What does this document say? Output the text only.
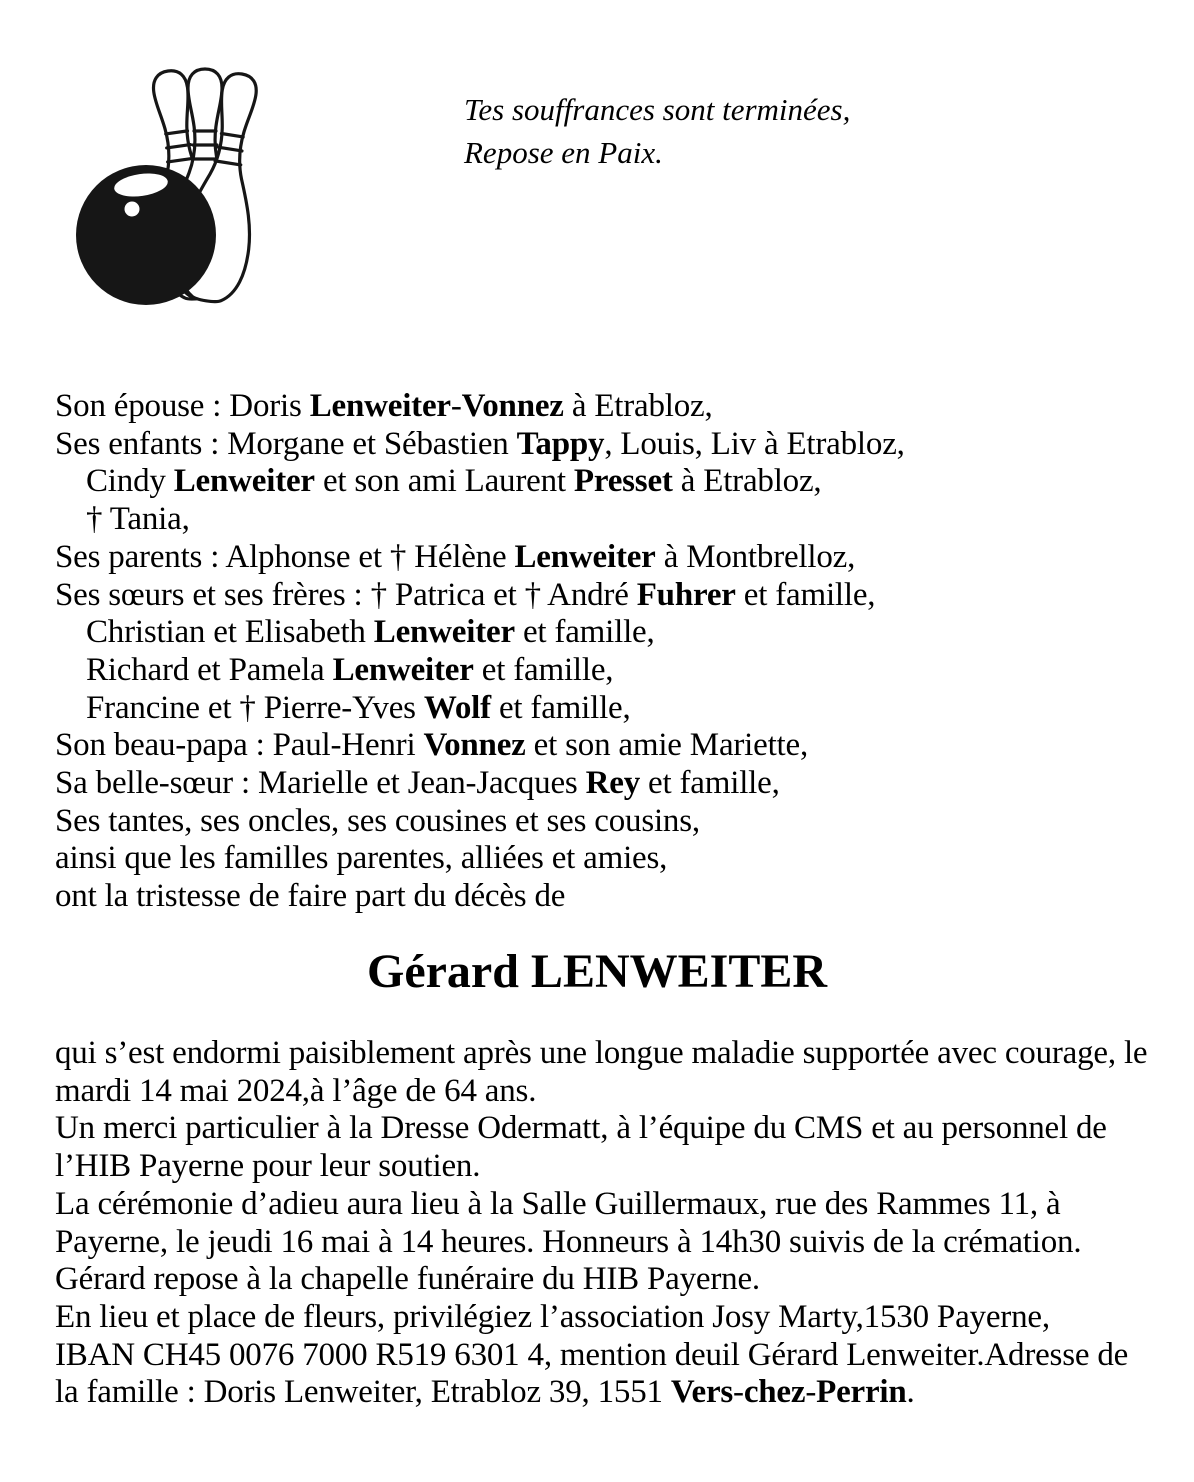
Tes souffrances sont terminées,
Repose en Paix.
Son épouse : Doris Lenweiter-Vonnez à Etrabloz,
Ses enfants : Morgane et Sébastien Tappy, Louis, Liv à Etrabloz,
Cindy Lenweiter et son ami Laurent Presset à Etrabloz,
† Tania,
Ses parents : Alphonse et † Hélène Lenweiter à Montbrelloz,
Ses sœurs et ses frères : † Patrica et † André Fuhrer et famille,
Christian et Elisabeth Lenweiter et famille,
Richard et Pamela Lenweiter et famille,
Francine et † Pierre-Yves Wolf et famille,
Son beau-papa : Paul-Henri Vonnez et son amie Mariette,
Sa belle-sœur : Marielle et Jean-Jacques Rey et famille,
Ses tantes, ses oncles, ses cousines et ses cousins,
ainsi que les familles parentes, alliées et amies,
ont la tristesse de faire part du décès de
Gérard LENWEITER
qui s’est endormi paisiblement après une longue maladie supportée avec courage, le
mardi 14 mai 2024,à l’âge de 64 ans.
Un merci particulier à la Dresse Odermatt, à l’équipe du CMS et au personnel de
l’HIB Payerne pour leur soutien.
La cérémonie d’adieu aura lieu à la Salle Guillermaux, rue des Rammes 11, à
Payerne, le jeudi 16 mai à 14 heures. Honneurs à 14h30 suivis de la crémation.
Gérard repose à la chapelle funéraire du HIB Payerne.
En lieu et place de fleurs, privilégiez l’association Josy Marty,1530 Payerne,
IBAN CH45 0076 7000 R519 6301 4, mention deuil Gérard Lenweiter.Adresse de
la famille : Doris Lenweiter, Etrabloz 39, 1551 Vers-chez-Perrin.
